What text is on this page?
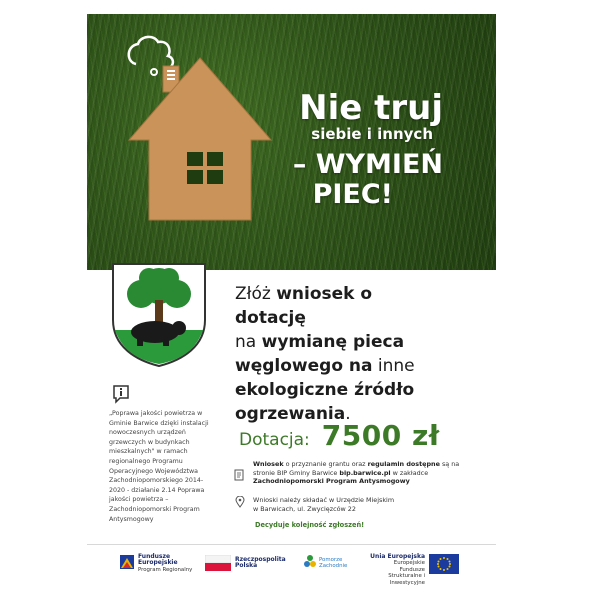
Nie truj
siebie i innych
– WYMIEŃ
PIEC!
Złóż wniosek o dotację
na wymianę pieca
węglowego na inne
ekologiczne źródło
ogrzewania.
Dotacja: 7500 zł
„Poprawa jakości powietrza w Gminie Barwice dzięki instalacji nowoczesnych urządzeń grzewczych w budynkach mieszkalnych" w ramach regionalnego Programu Operacyjnego Województwa Zachodniopomorskiego 2014-2020 - działanie 2.14 Poprawa jakości powietrza – Zachodniopomorski Program Antysmogowy
Wniosek o przyznanie grantu oraz regulamin dostępne są na stronie BIP Gminy Barwice bip.barwice.pl w zakładce Zachodniopomorski Program Antysmogowy
Wnioski należy składać w Urzędzie Miejskim
w Barwicach, ul. Zwycięzców 22
Decyduje kolejność zgłoszeń!
Fundusze
Europejskie
Program Regionalny
Rzeczpospolita
Polska
Pomorze
Zachodnie
Unia Europejska
Europejskie Fundusze
Strukturalne i Inwestycyjne
